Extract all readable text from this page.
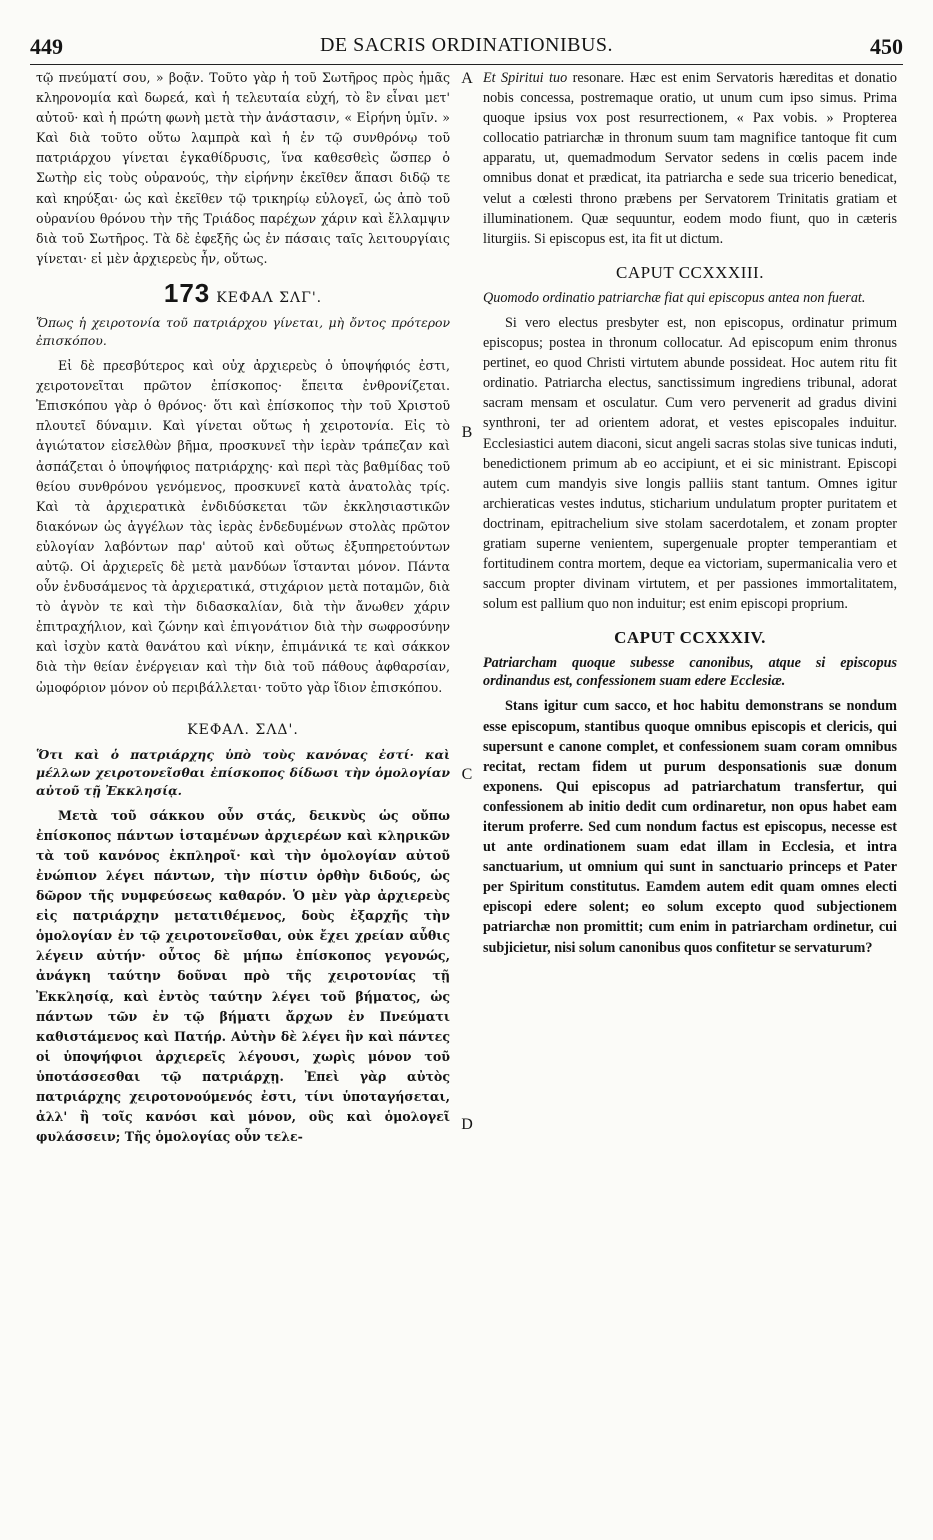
449	DE SACRIS ORDINATIONIBUS.	450

τῷ πνεύματί σου, » βοᾷν. Τοῦτο γὰρ ἡ τοῦ Σωτῆρος πρὸς ἡμᾶς κληρονομία καὶ δωρεά, καὶ ἡ τελευταία εὐχή, τὸ ἓν εἶναι μετ' αὐτοῦ· καὶ ἡ πρώτη φωνὴ μετὰ τὴν ἀνάστασιν, « Εἰρήνη ὑμῖν. » Καὶ διὰ τοῦτο οὕτω λαμπρὰ καὶ ἡ ἐν τῷ συνθρόνῳ τοῦ πατριάρχου γίνεται ἐγκαθίδρυσις, ἵνα καθεσθεὶς ὥσπερ ὁ Σωτὴρ εἰς τοὺς οὐρανούς, τὴν εἰρήνην ἐκεῖθεν ἅπασι διδῷ τε καὶ κηρύξαι· ὡς καὶ ἐκεῖθεν τῷ τρικηρίῳ εὐλογεῖ, ὡς ἀπὸ τοῦ οὐρανίου θρόνου τὴν τῆς Τριάδος παρέχων χάριν καὶ ἔλλαμψιν διὰ τοῦ Σωτῆρος. Τὰ δὲ ἐφεξῆς ὡς ἐν πάσαις ταῖς λειτουργίαις γίνεται· εἰ μὲν ἀρχιερεὺς ἦν, οὕτως.

173 ΚΕΦΑΛ ΣΛΓ'.
Ὅπως ἡ χειροτονία τοῦ πατριάρχου γίνεται, μὴ ὄντος πρότερον ἐπισκόπου.

Εἰ δὲ πρεσβύτερος καὶ οὐχ ἀρχιερεὺς ὁ ὑποψήφιός ἐστι, χειροτονεῖται πρῶτον ἐπίσκοπος· ἔπειτα ἐνθρονίζεται. Ἐπισκόπου γὰρ ὁ θρόνος· ὅτι καὶ ἐπίσκοπος τὴν τοῦ Χριστοῦ πλουτεῖ δύναμιν. Καὶ γίνεται οὕτως ἡ χειροτονία. Εἰς τὸ ἁγιώτατον εἰσελθὼν βῆμα, προσκυνεῖ τὴν ἱερὰν τράπεζαν καὶ ἀσπάζεται ὁ ὑποψήφιος πατριάρχης· καὶ περὶ τὰς βαθμίδας τοῦ θείου συνθρόνου γενόμενος, προσκυνεῖ κατὰ ἀνατολὰς τρίς. Καὶ τὰ ἀρχιερατικὰ ἐνδιδύσκεται τῶν ἐκκλησιαστικῶν διακόνων ὡς ἀγγέλων τὰς ἱερὰς ἐνδεδυμένων στολὰς πρῶτον εὐλογίαν λαβόντων παρ' αὐτοῦ καὶ οὕτως ἐξυπηρετούντων αὐτῷ. Οἱ ἀρχιερεῖς δὲ μετὰ μανδύων ἵστανται μόνον. Πάντα οὖν ἐνδυσάμενος τὰ ἀρχιερατικά, στιχάριον μετὰ ποταμῶν, διὰ τὸ ἁγνὸν τε καὶ τὴν διδασκαλίαν, διὰ τὴν ἄνωθεν χάριν ἐπιτραχήλιον, καὶ ζώνην καὶ ἐπιγονάτιον διὰ τὴν σωφροσύνην καὶ ἰσχὺν κατὰ θανάτου καὶ νίκην, ἐπιμάνικά τε καὶ σάκκον διὰ τὴν θείαν ἐνέργειαν καὶ τὴν διὰ τοῦ πάθους ἀφθαρσίαν, ὠμοφόριον μόνον οὐ περιβάλλεται· τοῦτο γὰρ ἴδιον ἐπισκόπου.

ΚΕΦΑΛ. ΣΛΔ'.
Ὅτι καὶ ὁ πατριάρχης ὑπὸ τοὺς κανόνας ἐστί· καὶ μέλλων χειροτονεῖσθαι ἐπίσκοπος δίδωσι τὴν ὁμολογίαν αὐτοῦ τῇ Ἐκκλησίᾳ.

Μετὰ τοῦ σάκκου οὖν στάς, δεικνὺς ὡς οὔπω ἐπίσκοπος πάντων ἱσταμένων ἀρχιερέων καὶ κληρικῶν τὰ τοῦ κανόνος ἐκπληροῖ· καὶ τὴν ὁμολογίαν αὐτοῦ ἐνώπιον λέγει πάντων, τὴν πίστιν ὀρθὴν διδούς, ὡς δῶρον τῆς νυμφεύσεως καθαρόν. Ὁ μὲν γὰρ ἀρχιερεὺς εἰς πατριάρχην μετατιθέμενος, δοὺς ἐξαρχῆς τὴν ὁμολογίαν ἐν τῷ χειροτονεῖσθαι, οὐκ ἔχει χρείαν αὖθις λέγειν αὐτήν· οὗτος δὲ μήπω ἐπίσκοπος γεγονώς, ἀνάγκη ταύτην δοῦναι πρὸ τῆς χειροτονίας τῇ Ἐκκλησίᾳ, καὶ ἐντὸς ταύτην λέγει τοῦ βήματος, ὡς πάντων τῶν ἐν τῷ βήματι ἄρχων ἐν Πνεύματι καθιστάμενος καὶ Πατήρ. Αὐτὴν δὲ λέγει ἣν καὶ πάντες οἱ ὑποψήφιοι ἀρχιερεῖς λέγουσι, χωρὶς μόνον τοῦ ὑποτάσσεσθαι τῷ πατριάρχῃ. Ἐπεὶ γὰρ αὐτὸς πατριάρχης χειροτονούμενός ἐστι, τίνι ὑποταγήσεται, ἀλλ' ἢ τοῖς κανόσι καὶ μόνον, οὓς καὶ ὁμολογεῖ φυλάσσειν; Τῆς ὁμολογίας οὖν τελε-

A
B
C
D

Et Spiritui tuo resonare. Hæc est enim Servatoris hæreditas et donatio nobis concessa, postremaque oratio, ut unum cum ipso simus. Prima quoque ipsius vox post resurrectionem, « Pax vobis. » Propterea collocatio patriarchæ in thronum suum tam magnifice tantoque fit cum apparatu, ut, quemadmodum Servator sedens in cœlis pacem inde omnibus donat et prædicat, ita patriarcha e sede sua tricerio benedicat, velut a cœlesti throno præbens per Servatorem Trinitatis gratiam et illuminationem. Quæ sequuntur, eodem modo fiunt, quo in cæteris liturgiis. Si episcopus est, ita fit ut dictum.

CAPUT CCXXXIII.
Quomodo ordinatio patriarchæ fiat qui episcopus antea non fuerat.

Si vero electus presbyter est, non episcopus, ordinatur primum episcopus; postea in thronum collocatur. Ad episcopum enim thronus pertinet, eo quod Christi virtutem abunde possideat. Hoc autem ritu fit ordinatio. Patriarcha electus, sanctissimum ingrediens tribunal, adorat sacram mensam et osculatur. Cum vero pervenerit ad gradus divini synthroni, ter ad orientem adorat, et vestes episcopales induitur. Ecclesiastici autem diaconi, sicut angeli sacras stolas sive tunicas induti, benedictionem primum ab eo accipiunt, et ei sic ministrant. Episcopi autem cum mandyis sive longis palliis stant tantum. Omnes igitur archieraticas vestes indutus, sticharium undulatum propter puritatem et doctrinam, epitrachelium sive stolam sacerdotalem, et zonam propter gratiam superne venientem, supergenuale propter temperantiam et fortitudinem contra mortem, deque ea victoriam, supermanicalia vero et saccum propter divinam virtutem, et per passiones immortalitatem, solum est pallium quo non induitur; est enim episcopi proprium.

CAPUT CCXXXIV.
Patriarcham quoque subesse canonibus, atque si episcopus ordinandus est, confessionem suam edere Ecclesiæ.

Stans igitur cum sacco, et hoc habitu demonstrans se nondum esse episcopum, stantibus quoque omnibus episcopis et clericis, qui supersunt e canone complet, et confessionem suam coram omnibus recitat, rectam fidem ut purum desponsationis suæ donum exponens. Qui episcopus ad patriarchatum transfertur, qui confessionem ab initio dedit cum ordinaretur, non opus habet eam iterum proferre. Sed cum nondum factus est episcopus, necesse est ut ante ordinationem suam edat illam in Ecclesia, et intra sanctuarium, ut omnium qui sunt in sanctuario princeps et Pater per Spiritum constitutus. Eamdem autem edit quam omnes electi episcopi edere solent; eo solum excepto quod subjectionem patriarchæ non promittit; cum enim in patriarcham ordinetur, cui subjicietur, nisi solum canonibus quos confitetur se servaturum?
